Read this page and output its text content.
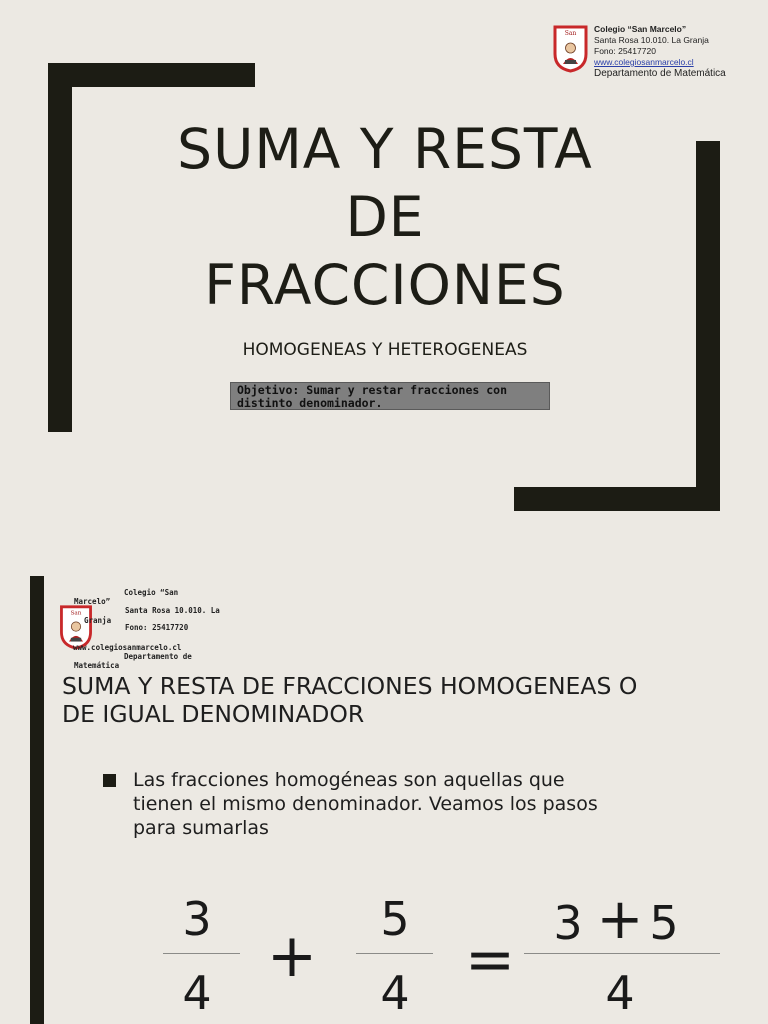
San Colegio “San Marcelo”
Santa Rosa 10.010. La Granja
Fono: 25417720
www.colegiosanmarcelo.cl
Departamento de Matemática
SUMA Y RESTA
DE
FRACCIONES
HOMOGENEAS Y HETEROGENEAS
Objetivo: Sumar y restar fracciones con
distinto denominador.
San
Colegio “San
Marcelo”
Santa Rosa 10.010. La
Granja
Fono: 25417720
www.colegiosanmarcelo.cl
Departamento de
Matemática
SUMA Y RESTA DE FRACCIONES HOMOGENEAS O
DE IGUAL DENOMINADOR
Las fracciones homogéneas son aquellas que
tienen el mismo denominador. Veamos los pasos
para sumarlas
3
4
+
5
4 =
3 + 5
4
